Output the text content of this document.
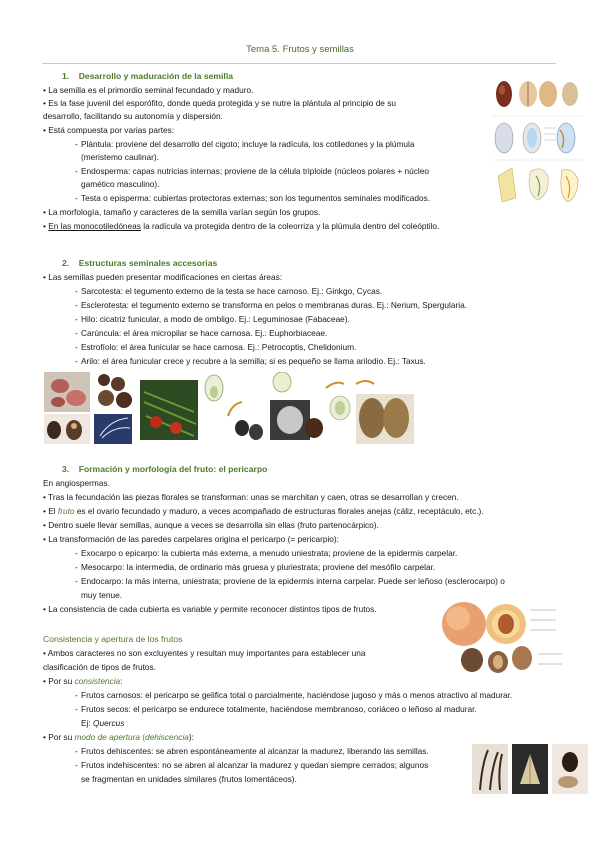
Tema 5. Frutos y semillas
1.    Desarrollo y maduración de la semilla
• La semilla es el primordio seminal fecundado y maduro.
• Es la fase juvenil del esporófito, donde queda protegida y se nutre la plántula al principio de su
desarrollo, facilitando su autonomía y dispersión.
• Está compuesta por varias partes:
- Plántula: proviene del desarrollo del cigoto; incluye la radícula, los cotiledones y la plúmula
(meristemo caulinar).
- Endosperma: capas nutricias internas; proviene de la célula triploide (núcleos polares + núcleo
gamético masculino).
- Testa o episperma: cubiertas protectoras externas; son los tegumentos seminales modificados.
• La morfología, tamaño y caracteres de la semilla varían según los grupos.
• En las monocotiledóneas la radícula va protegida dentro de la coleorriza y la plúmula dentro del coleóptilo.
2.    Estructuras seminales accesorias
• Las semillas pueden presentar modificaciones en ciertas áreas:
- Sarcotesta: el tegumento externo de la testa se hace carnoso. Ej.: Ginkgo, Cycas.
- Esclerotesta: el tegumento externo se transforma en pelos o membranas duras. Ej.: Nerium, Spergularia.
- Hilo: cicatriz funicular, a modo de ombligo. Ej.: Leguminosae (Fabaceae).
- Carúncula: el área micropilar se hace carnosa. Ej.: Euphorbiaceae.
- Estrofíolo: el área funicular se hace carnosa. Ej.: Petrocoptis, Chelidonium.
- Arilo: el área funicular crece y recubre a la semilla; si es pequeño se llama arilodio. Ej.: Taxus.
3.    Formación y morfología del fruto: el pericarpo
En angiospermas.
• Tras la fecundación las piezas florales se transforman: unas se marchitan y caen, otras se desarrollan y crecen.
• El fruto es el ovario fecundado y maduro, a veces acompañado de estructuras florales anejas (cáliz, receptáculo, etc.).
• Dentro suele llevar semillas, aunque a veces se desarrolla sin ellas (fruto partenocárpico).
• La transformación de las paredes carpelares origina el pericarpo (= pericarpio):
- Exocarpo o epicarpo: la cubierta más externa, a menudo uniestrata; proviene de la epidermis carpelar.
- Mesocarpo: la intermedia, de ordinario más gruesa y pluriestrata; proviene del mesófilo carpelar.
- Endocarpo: la más interna, uniestrata; proviene de la epidermis interna carpelar. Puede ser leñoso (esclerocarpo) o
muy tenue.
• La consistencia de cada cubierta es variable y permite reconocer distintos tipos de frutos.
Consistencia y apertura de los frutos
• Ambos caracteres no son excluyentes y resultan muy importantes para establecer una
clasificación de tipos de frutos.
• Por su consistencia:
- Frutos carnosos: el pericarpo se gelifica total o parcialmente, haciéndose jugoso y más o menos atractivo al madurar.
- Frutos secos: el pericarpo se endurece totalmente, haciéndose membranoso, coriáceo o leñoso al madurar.
Ej: Quercus
• Por su modo de apertura (dehiscencia):
- Frutos dehiscentes: se abren espontáneamente al alcanzar la madurez, liberando las semillas.
- Frutos indehiscentes: no se abren al alcanzar la madurez y quedan siempre cerrados; algunos
se fragmentan en unidades similares (frutos lomentáceos).
